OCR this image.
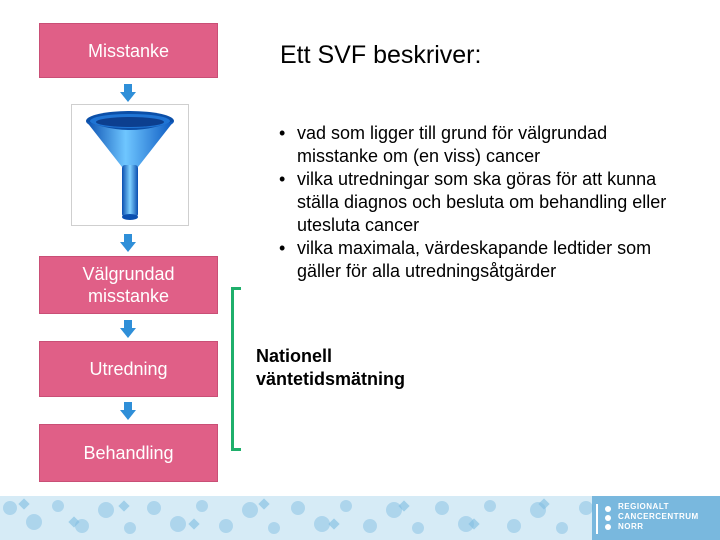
Misstanke
Välgrundad
misstanke
Utredning
Behandling
Ett SVF beskriver:
• vad som ligger till grund för välgrundad misstanke om (en viss) cancer
• vilka utredningar som ska göras för att kunna ställa diagnos och besluta om behandling eller utesluta cancer
• vilka maximala, värdeskapande ledtider som gäller för alla utredningsåtgärder
Nationell
väntetidsmätning
REGIONALT
CANCERCENTRUM
NORR
